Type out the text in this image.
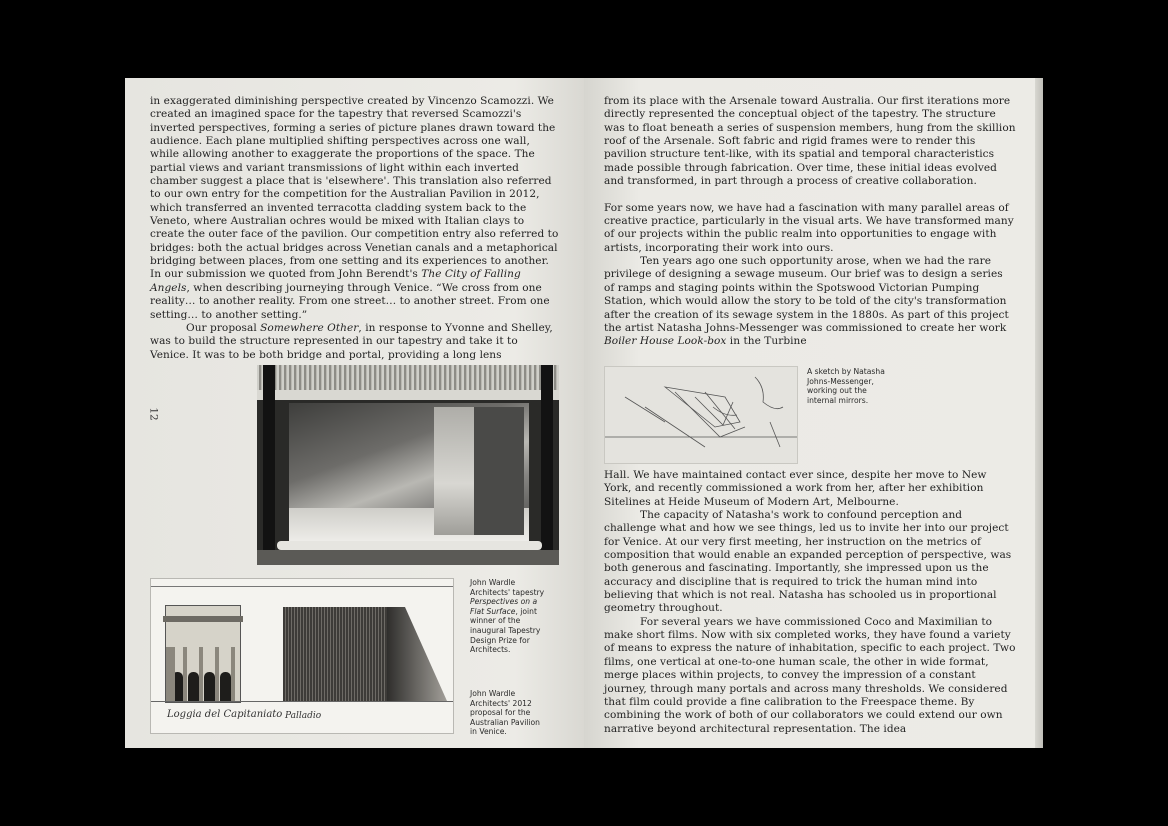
in exaggerated diminishing perspective created by Vincenzo Scamozzi. We created an imagined space for the tapestry that reversed Scamozzi's inverted perspectives, forming a series of picture planes drawn toward the audience. Each plane multiplied shifting perspectives across one wall, while allowing another to exaggerate the proportions of the space. The partial views and variant transmissions of light within each inverted chamber suggest a place that is 'elsewhere'. This translation also referred to our own entry for the competition for the Australian Pavilion in 2012, which transferred an invented terracotta cladding system back to the Veneto, where Australian ochres would be mixed with Italian clays to create the outer face of the pavilion. Our competition entry also referred to bridges: both the actual bridges across Venetian canals and a metaphorical bridging between places, from one setting and its experiences to another. In our submission we quoted from John Berendt's The City of Falling Angels, when describing journeying through Venice. “We cross from one reality… to another reality. From one street… to another street. From one setting… to another setting.”

Our proposal Somewhere Other, in response to Yvonne and Shelley, was to build the structure represented in our tapestry and take it to Venice. It was to be both bridge and portal, providing a long lens

12
John Wardle
Architects' tapestry
Perspectives on a
Flat Surface, joint
winner of the
inaugural Tapestry
Design Prize for
Architects.
Loggia del Capitaniato Palladio
John Wardle
Architects' 2012
proposal for the
Australian Pavilion
in Venice.

from its place with the Arsenale toward Australia. Our first iterations more directly represented the conceptual object of the tapestry. The structure was to float beneath a series of suspension members, hung from the skillion roof of the Arsenale. Soft fabric and rigid frames were to render this pavilion structure tent-like, with its spatial and temporal characteristics made possible through fabrication. Over time, these initial ideas evolved and transformed, in part through a process of creative collaboration.

For some years now, we have had a fascination with many parallel areas of creative practice, particularly in the visual arts. We have transformed many of our projects within the public realm into opportunities to engage with artists, incorporating their work into ours.

Ten years ago one such opportunity arose, when we had the rare privilege of designing a sewage museum. Our brief was to design a series of ramps and staging points within the Spotswood Victorian Pumping Station, which would allow the story to be told of the city's transformation after the creation of its sewage system in the 1880s. As part of this project the artist Natasha Johns-Messenger was commissioned to create her work Boiler House Look-box in the Turbine

A sketch by Natasha
Johns-Messenger,
working out the
internal mirrors.

Hall. We have maintained contact ever since, despite her move to New York, and recently commissioned a work from her, after her exhibition Sitelines at Heide Museum of Modern Art, Melbourne.

The capacity of Natasha's work to confound perception and challenge what and how we see things, led us to invite her into our project for Venice. At our very first meeting, her instruction on the metrics of composition that would enable an expanded perception of perspective, was both generous and fascinating. Importantly, she impressed upon us the accuracy and discipline that is required to trick the human mind into believing that which is not real. Natasha has schooled us in proportional geometry throughout.

For several years we have commissioned Coco and Maximilian to make short films. Now with six completed works, they have found a variety of means to express the nature of inhabitation, specific to each project. Two films, one vertical at one-to-one human scale, the other in wide format, merge places within projects, to convey the impression of a constant journey, through many portals and across many thresholds. We considered that film could provide a fine calibration to the Freespace theme. By combining the work of both of our collaborators we could extend our own narrative beyond architectural representation. The idea
